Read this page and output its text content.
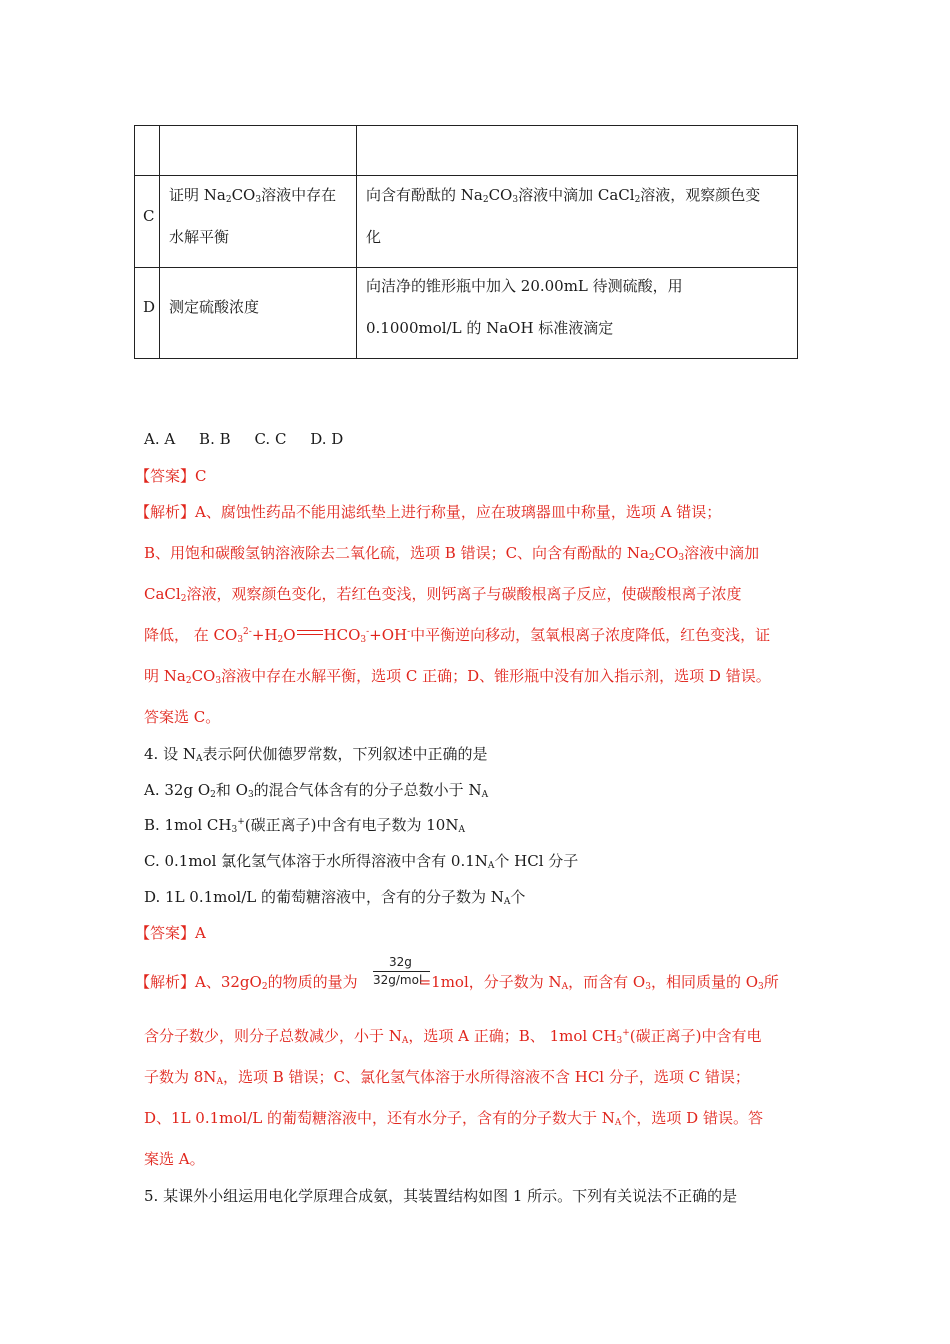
C
证明 $Na_2CO_3$溶液中存在
水解平衡
向含有酚酞的 $Na_2CO_3$溶液中滴加 CaCl$_2$溶液，观察颜色变
化
D 测定硫酸浓度
向洁净的锥形瓶中加入 20.00mL 待测硫酸，用
0.1000mol/L 的 NaOH 标准液滴定
A. A     B. B     C. C     D. D
【答案】C
【解析】A、腐蚀性药品不能用滤纸垫上进行称量，应在玻璃器皿中称量，选项 A 错误；
B、用饱和碳酸氢钠溶液除去二氧化硫，选项 B 错误；C、向含有酚酞的 $Na_2CO_3$溶液中滴加
CaCl$_2$溶液，观察颜色变化，若红色变浅，则钙离子与碳酸根离子反应，使碳酸根离子浓度
降低， 在 $CO_3^{2-}+H_2O$ $HCO_3^-+OH^-$中平衡逆向移动，氢氧根离子浓度降低，红色变浅，证
明 $Na_2CO_3$溶液中存在水解平衡，选项 C 正确；D、锥形瓶中没有加入指示剂，选项 D 错误。
答案选 C。
4. 设 $N_A$表示阿伏伽德罗常数，下列叙述中正确的是
A. 32g $O_2$和 $O_3$的混合气体含有的分子总数小于 $N_A$
B. 1mol $CH_3^+$(碳正离子)中含有电子数为 $10N_A$
C. 0.1mol 氯化氢气体溶于水所得溶液中含有 $0.1N_A$个 HCl 分子
D. 1L 0.1mol/L 的葡萄糖溶液中，含有的分子数为 $N_A$个
【答案】A
32g
32g/mol
【解析】A、$32gO_2$的物质的量为	=1mol，分子数为 $N_A$，而含有 $O_3$，相同质量的 $O_3$所
含分子数少，则分子总数减少，小于 $N_A$，选项 A 正确；B、 1mol $CH_3^+$(碳正离子)中含有电
子数为 $8N_A$，选项 B 错误；C、氯化氢气体溶于水所得溶液不含 HCl 分子，选项 C 错误；
D、1L 0.1mol/L 的葡萄糖溶液中，还有水分子，含有的分子数大于 $N_A$个，选项 D 错误。答
案选 A。
5. 某课外小组运用电化学原理合成氨，其装置结构如图 1 所示。下列有关说法不正确的是
